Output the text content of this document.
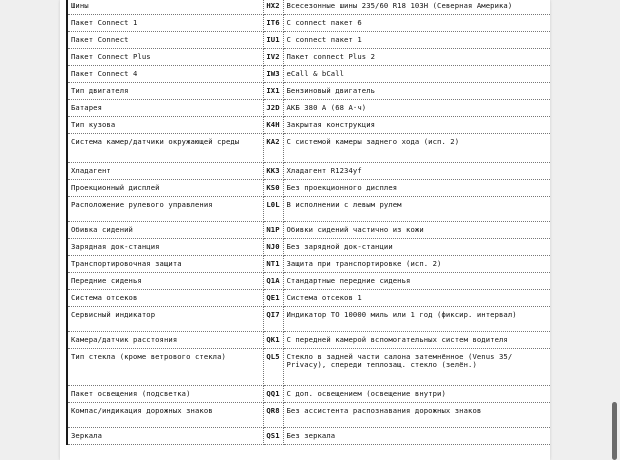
Шины	HX2	Всесезонные шины 235/60 R18 103H (Северная Америка)
Пакет Connect 1	IT6	C connect пакет 6
Пакет Connect	IU1	C connect пакет 1
Пакет Connect Plus	IV2	Пакет connect Plus 2
Пакет Connect 4	IW3	eCall & bCall
Тип двигателя	IX1	Бензиновый двигатель
Батарея	J2D	АКБ 380 А (68 А·ч)
Тип кузова	K4H	Закрытая конструкция
Система камер/датчики окружающей среды	KA2	С системой камеры заднего хода (исп. 2)
Хладагент	KK3	Хладагент R1234yf
Проекционный дисплей	KS0	Без проекционного дисплея
Расположение рулевого управления	L0L	В исполнении с левым рулем
Обивка сидений	N1P	Обивки сидений частично из кожи
Зарядная док-станция	NJ0	Без зарядной док-станции
Транспортировочная защита	NT1	Защита при транспортировке (исп. 2)
Передние сиденья	Q1A	Стандартные передние сиденья
Система отсеков	QE1	Система отсеков 1
Сервисный индикатор	QI7	Индикатор ТО 10000 миль или 1 год (фиксир. интервал)
Камера/датчик расстояния	QK1	С передней камерой вспомогательных систем водителя
Тип стекла (кроме ветрового стекла)	QL5	Стекло в задней части салона затемнённое (Venus 35/ Privacy), спереди теплозащ. стекло (зелён.)
Пакет освещения (подсветка)	QQ1	С доп. освещением (освещение внутри)
Компас/индикация дорожных знаков	QR8	Без ассистента распознавания дорожных знаков
Зеркала	QS1	Без зеркала
